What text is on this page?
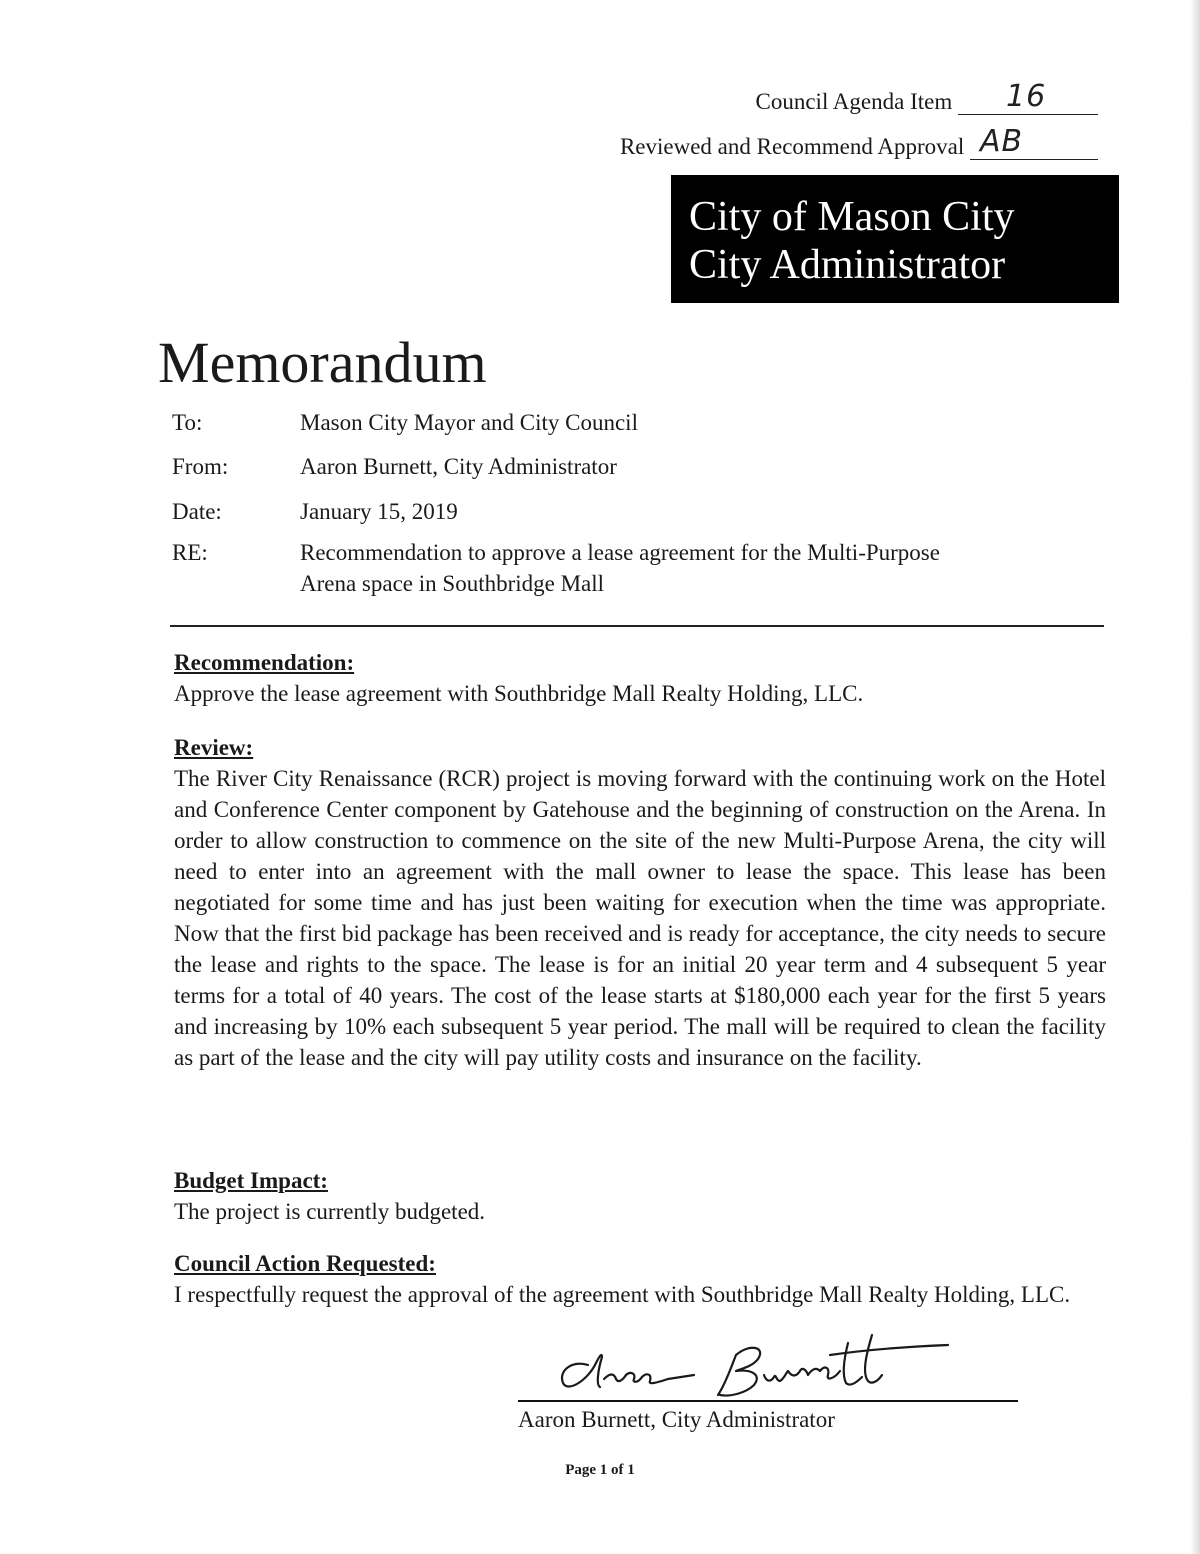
Council Agenda Item 16
Reviewed and Recommend Approval AB
City of Mason City
City Administrator
Memorandum
To:	Mason City Mayor and City Council
From:	Aaron Burnett, City Administrator
Date:	January 15, 2019
RE:	Recommendation to approve a lease agreement for the Multi-Purpose
Arena space in Southbridge Mall
Recommendation:
Approve the lease agreement with Southbridge Mall Realty Holding, LLC.
Review:
The River City Renaissance (RCR) project is moving forward with the continuing work on the Hotel and Conference Center component by Gatehouse and the beginning of construction on the Arena. In order to allow construction to commence on the site of the new Multi-Purpose Arena, the city will need to enter into an agreement with the mall owner to lease the space. This lease has been negotiated for some time and has just been waiting for execution when the time was appropriate. Now that the first bid package has been received and is ready for acceptance, the city needs to secure the lease and rights to the space. The lease is for an initial 20 year term and 4 subsequent 5 year terms for a total of 40 years. The cost of the lease starts at $180,000 each year for the first 5 years and increasing by 10% each subsequent 5 year period. The mall will be required to clean the facility as part of the lease and the city will pay utility costs and insurance on the facility.
Budget Impact:
The project is currently budgeted.
Council Action Requested:
I respectfully request the approval of the agreement with Southbridge Mall Realty Holding, LLC.
Aaron Burnett, City Administrator
Page 1 of 1
